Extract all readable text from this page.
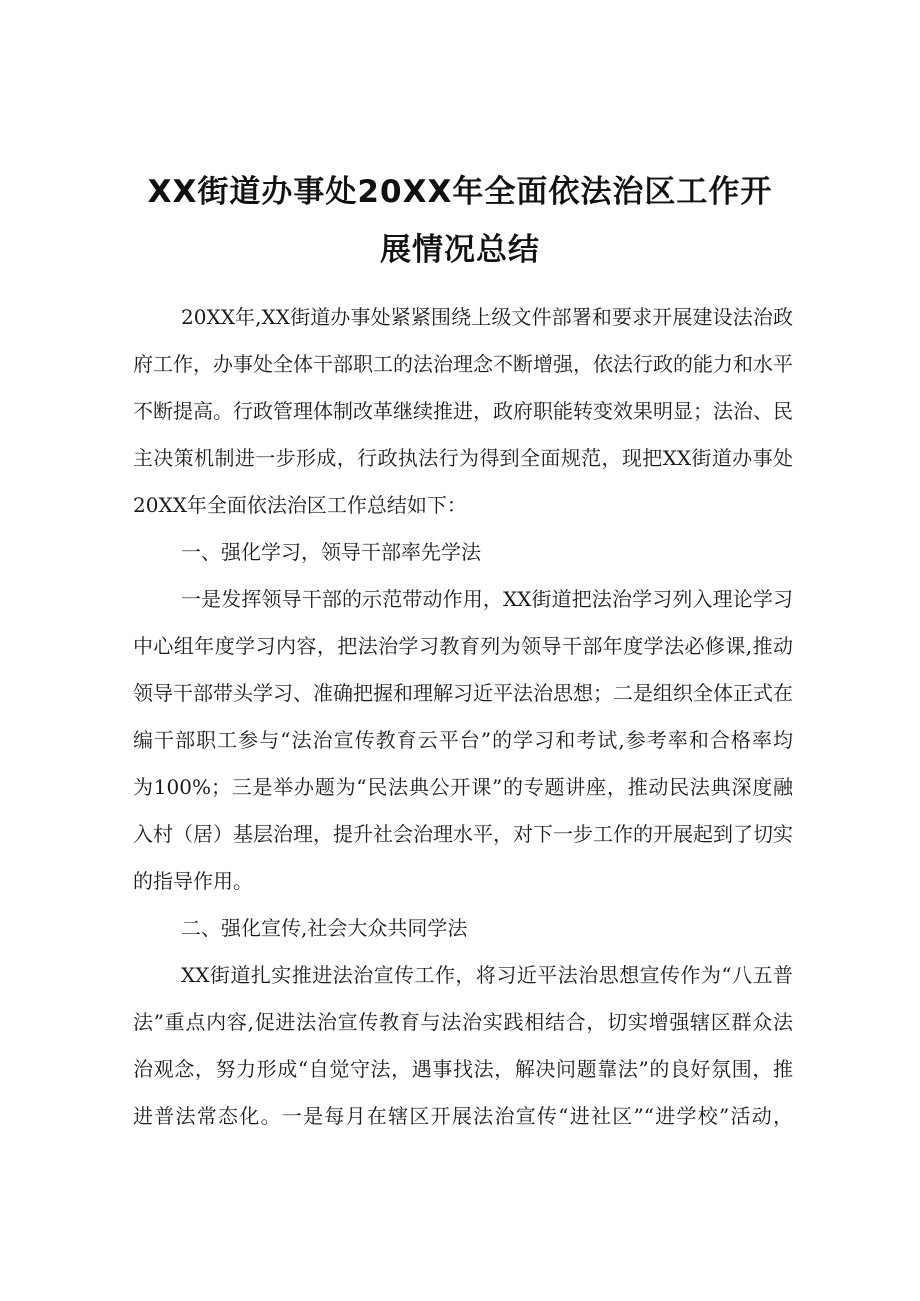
XX街道办事处20XX年全面依法治区工作开
展情况总结

20XX年,XX街道办事处紧紧围绕上级文件部署和要求开展建设法治政

府工作，办事处全体干部职工的法治理念不断增强，依法行政的能力和水平

不断提高。行政管理体制改革继续推进，政府职能转变效果明显；法治、民

主决策机制进一步形成，行政执法行为得到全面规范，现把XX街道办事处

20XX年全面依法治区工作总结如下：

一、强化学习，领导干部率先学法

一是发挥领导干部的示范带动作用，XX街道把法治学习列入理论学习

中心组年度学习内容，把法治学习教育列为领导干部年度学法必修课,推动

领导干部带头学习、准确把握和理解习近平法治思想；二是组织全体正式在

编干部职工参与“法治宣传教育云平台”的学习和考试,参考率和合格率均

为100%；三是举办题为“民法典公开课”的专题讲座，推动民法典深度融

入村（居）基层治理，提升社会治理水平，对下一步工作的开展起到了切实

的指导作用。

二、强化宣传,社会大众共同学法

XX街道扎实推进法治宣传工作，将习近平法治思想宣传作为“八五普

法”重点内容,促进法治宣传教育与法治实践相结合，切实增强辖区群众法

治观念，努力形成“自觉守法，遇事找法，解决问题靠法”的良好氛围，推

进普法常态化。一是每月在辖区开展法治宣传“进社区”“进学校”活动，
